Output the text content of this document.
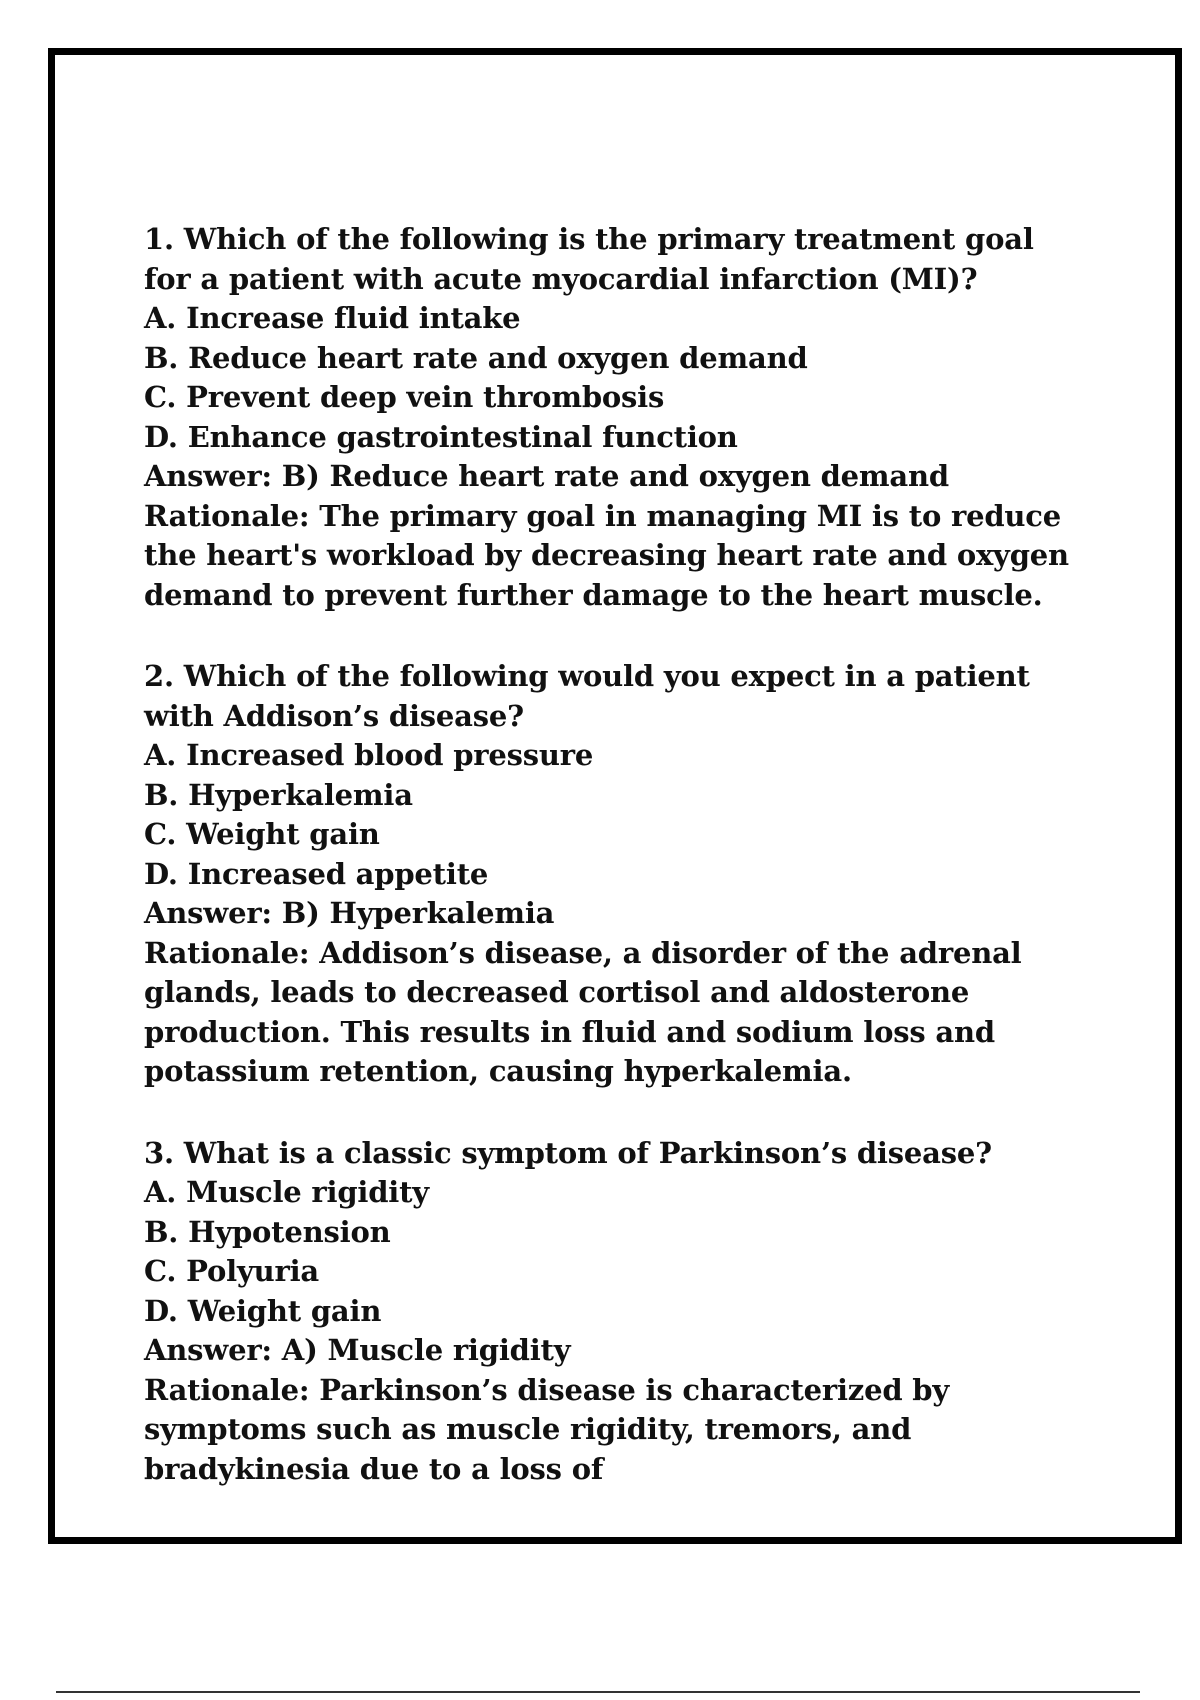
1. Which of the following is the primary treatment goal for a patient with acute myocardial infarction (MI)?

A. Increase fluid intake

B. Reduce heart rate and oxygen demand

C. Prevent deep vein thrombosis

D. Enhance gastrointestinal function

Answer: B) Reduce heart rate and oxygen demand

Rationale: The primary goal in managing MI is to reduce the heart's workload by decreasing heart rate and oxygen demand to prevent further damage to the heart muscle.

2. Which of the following would you expect in a patient with Addison’s disease?

A. Increased blood pressure

B. Hyperkalemia

C. Weight gain

D. Increased appetite

Answer: B) Hyperkalemia

Rationale: Addison’s disease, a disorder of the adrenal glands, leads to decreased cortisol and aldosterone production. This results in fluid and sodium loss and potassium retention, causing hyperkalemia.

3. What is a classic symptom of Parkinson’s disease?

A. Muscle rigidity

B. Hypotension

C. Polyuria

D. Weight gain

Answer: A) Muscle rigidity

Rationale: Parkinson’s disease is characterized by symptoms such as muscle rigidity, tremors, and bradykinesia due to a loss of
